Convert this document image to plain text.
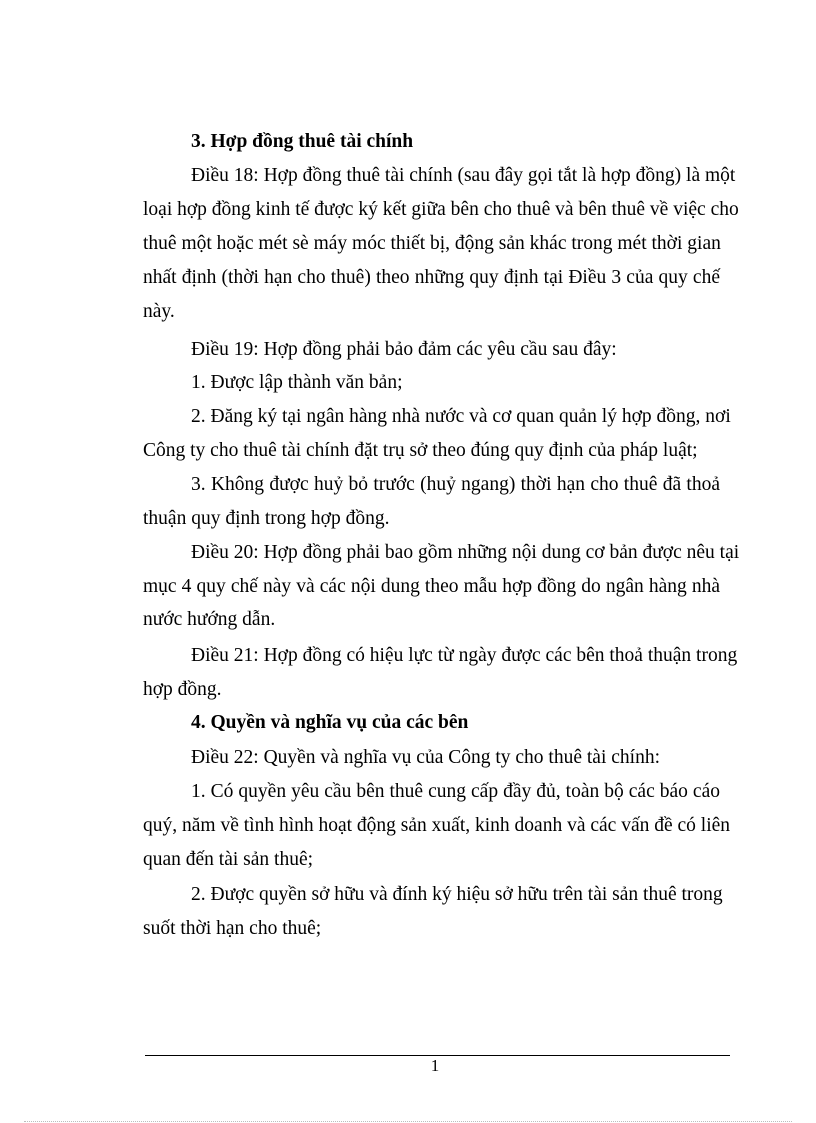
3. Hợp đồng thuê tài chính
Điều 18: Hợp đồng thuê tài chính (sau đây gọi tắt là hợp đồng) là một
loại hợp đồng kinh tế được ký kết giữa bên cho thuê và bên thuê về việc cho
thuê một hoặc mét sè máy móc thiết bị, động sản khác trong mét thời gian
nhất định (thời hạn cho thuê) theo những quy định tại Điều 3 của quy chế
này.
Điều 19: Hợp đồng phải bảo đảm các yêu cầu sau đây:
1. Được lập thành văn bản;
2. Đăng ký tại ngân hàng nhà nước và cơ quan quản lý hợp đồng, nơi
Công ty cho thuê tài chính đặt trụ sở theo đúng quy định của pháp luật;
3. Không được huỷ bỏ trước (huỷ ngang) thời hạn cho thuê đã thoả
thuận quy định trong hợp đồng.
Điều 20: Hợp đồng phải bao gồm những nội dung cơ bản được nêu tại
mục 4 quy chế này và các nội dung theo mẫu hợp đồng do ngân hàng nhà
nước hướng dẫn.
Điều 21: Hợp đồng có hiệu lực từ ngày được các bên thoả thuận trong
hợp đồng.
4. Quyền và nghĩa vụ của các bên
Điều 22: Quyền và nghĩa vụ của Công ty cho thuê tài chính:
1. Có quyền yêu cầu bên thuê cung cấp đầy đủ, toàn bộ các báo cáo
quý, năm về tình hình hoạt động sản xuất, kinh doanh và các vấn đề có liên
quan đến tài sản thuê;
2. Được quyền sở hữu và đính ký hiệu sở hữu trên tài sản thuê trong
suốt thời hạn cho thuê;
1
